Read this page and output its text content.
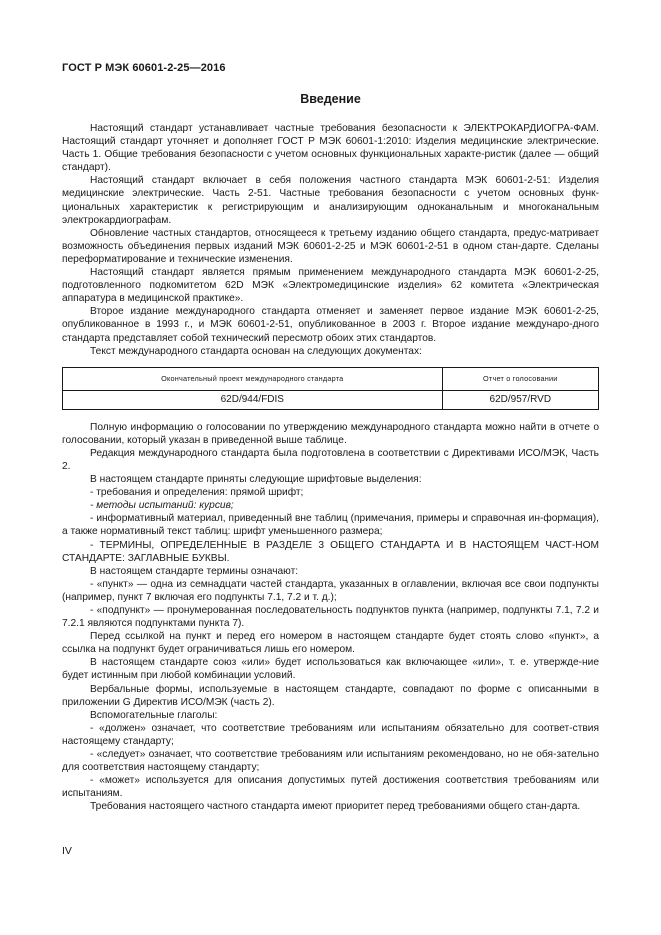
ГОСТ Р МЭК 60601-2-25—2016
Введение

Настоящий стандарт устанавливает частные требования безопасности к ЭЛЕКТРОКАРДИОГРА-ФАМ. Настоящий стандарт уточняет и дополняет ГОСТ Р МЭК 60601-1:2010: Изделия медицинские электрические. Часть 1. Общие требования безопасности с учетом основных функциональных характе-ристик (далее — общий стандарт).

Настоящий стандарт включает в себя положения частного стандарта МЭК 60601-2-51: Изделия медицинские электрические. Часть 2-51. Частные требования безопасности с учетом основных функ-циональных характеристик к регистрирующим и анализирующим одноканальным и многоканальным электрокардиографам.

Обновление частных стандартов, относящееся к третьему изданию общего стандарта, предус-матривает возможность объединения первых изданий МЭК 60601-2-25 и МЭК 60601-2-51 в одном стан-дарте. Сделаны переформатирование и технические изменения.

Настоящий стандарт является прямым применением международного стандарта МЭК 60601-2-25, подготовленного подкомитетом 62D МЭК «Электромедицинские изделия» 62 комитета «Электрическая аппаратура в медицинской практике».

Второе издание международного стандарта отменяет и заменяет первое издание МЭК 60601-2-25, опубликованное в 1993 г., и МЭК 60601-2-51, опубликованное в 2003 г. Второе издание междунаро-дного стандарта представляет собой технический пересмотр обоих этих стандартов.

Текст международного стандарта основан на следующих документах:

Окончательный проект международного стандарта	Отчет о голосовании
62D/944/FDIS	62D/957/RVD

Полную информацию о голосовании по утверждению международного стандарта можно найти в отчете о голосовании, который указан в приведенной выше таблице.

Редакция международного стандарта была подготовлена в соответствии с Директивами ИСО/МЭК, Часть 2.

В настоящем стандарте приняты следующие шрифтовые выделения:

- требования и определения: прямой шрифт;

- методы испытаний: курсив;

- информативный материал, приведенный вне таблиц (примечания, примеры и справочная ин-формация), а также нормативный текст таблиц: шрифт уменьшенного размера;

- ТЕРМИНЫ, ОПРЕДЕЛЕННЫЕ В РАЗДЕЛЕ 3 ОБЩЕГО СТАНДАРТА И В НАСТОЯЩЕМ ЧАСТ-НОМ СТАНДАРТЕ: ЗАГЛАВНЫЕ БУКВЫ.

В настоящем стандарте термины означают:

- «пункт» — одна из семнадцати частей стандарта, указанных в оглавлении, включая все свои подпункты (например, пункт 7 включая его подпункты 7.1, 7.2 и т. д.);

- «подпункт» — пронумерованная последовательность подпунктов пункта (например, подпункты 7.1, 7.2 и 7.2.1 являются подпунктами пункта 7).

Перед ссылкой на пункт и перед его номером в настоящем стандарте будет стоять слово «пункт», а ссылка на подпункт будет ограничиваться лишь его номером.

В настоящем стандарте союз «или» будет использоваться как включающее «или», т. е. утвержде-ние будет истинным при любой комбинации условий.

Вербальные формы, используемые в настоящем стандарте, совпадают по форме с описанными в приложении G Директив ИСО/МЭК (часть 2).

Вспомогательные глаголы:

- «должен» означает, что соответствие требованиям или испытаниям обязательно для соответ-ствия настоящему стандарту;

- «следует» означает, что соответствие требованиям или испытаниям рекомендовано, но не обя-зательно для соответствия настоящему стандарту;

- «может» используется для описания допустимых путей достижения соответствия требованиям или испытаниям.

Требования настоящего частного стандарта имеют приоритет перед требованиями общего стан-дарта.

IV
